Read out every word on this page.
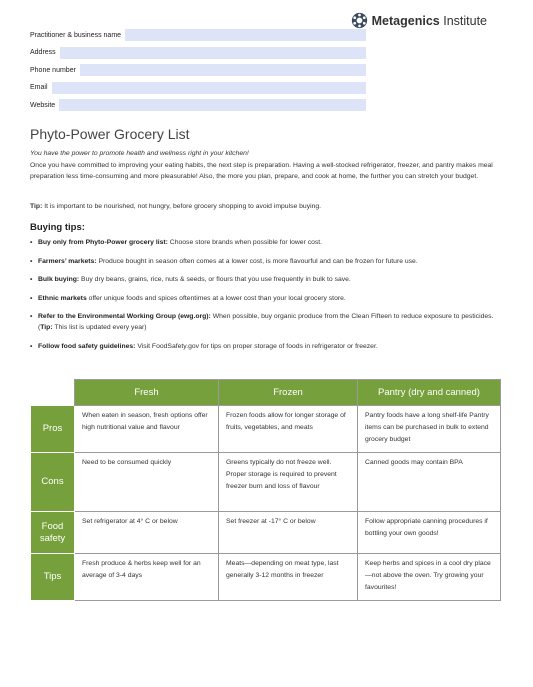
Metagenics Institute
Practitioner & business name
Address
Phone number
Email
Website
Phyto-Power Grocery List
You have the power to promote health and wellness right in your kitchen!
Once you have committed to improving your eating habits, the next step is preparation. Having a well-stocked refrigerator, freezer, and pantry makes meal preparation less time-consuming and more pleasurable! Also, the more you plan, prepare, and cook at home, the further you can stretch your budget.
Tip: It is important to be nourished, not hungry, before grocery shopping to avoid impulse buying.
Buying tips:
• Buy only from Phyto-Power grocery list: Choose store brands when possible for lower cost.
• Farmers’ markets: Produce bought in season often comes at a lower cost, is more flavourful and can be frozen for future use.
• Bulk buying: Buy dry beans, grains, rice, nuts & seeds, or flours that you use frequently in bulk to save.
• Ethnic markets offer unique foods and spices oftentimes at a lower cost than your local grocery store.
• Refer to the Environmental Working Group (ewg.org): When possible, buy organic produce from the Clean Fifteen to reduce exposure to pesticides. (Tip: This list is updated every year)
• Follow food safety guidelines: Visit FoodSafety.gov for tips on proper storage of foods in refrigerator or freezer.
	Fresh	Frozen	Pantry (dry and canned)
Pros	When eaten in season, fresh options offer high nutritional value and flavour	Frozen foods allow for longer storage of fruits, vegetables, and meats	Pantry foods have a long shelf-life Pantry items can be purchased in bulk to extend grocery budget
Cons	Need to be consumed quickly	Greens typically do not freeze well. Proper storage is required to prevent freezer burn and loss of flavour	Canned goods may contain BPA
Food safety	Set refrigerator at 4° C or below	Set freezer at -17° C or below	Follow appropriate canning procedures if bottling your own goods!
Tips	Fresh produce & herbs keep well for an average of 3-4 days	Meats—depending on meat type, last generally 3-12 months in freezer	Keep herbs and spices in a cool dry place—not above the oven. Try growing your favourites!
